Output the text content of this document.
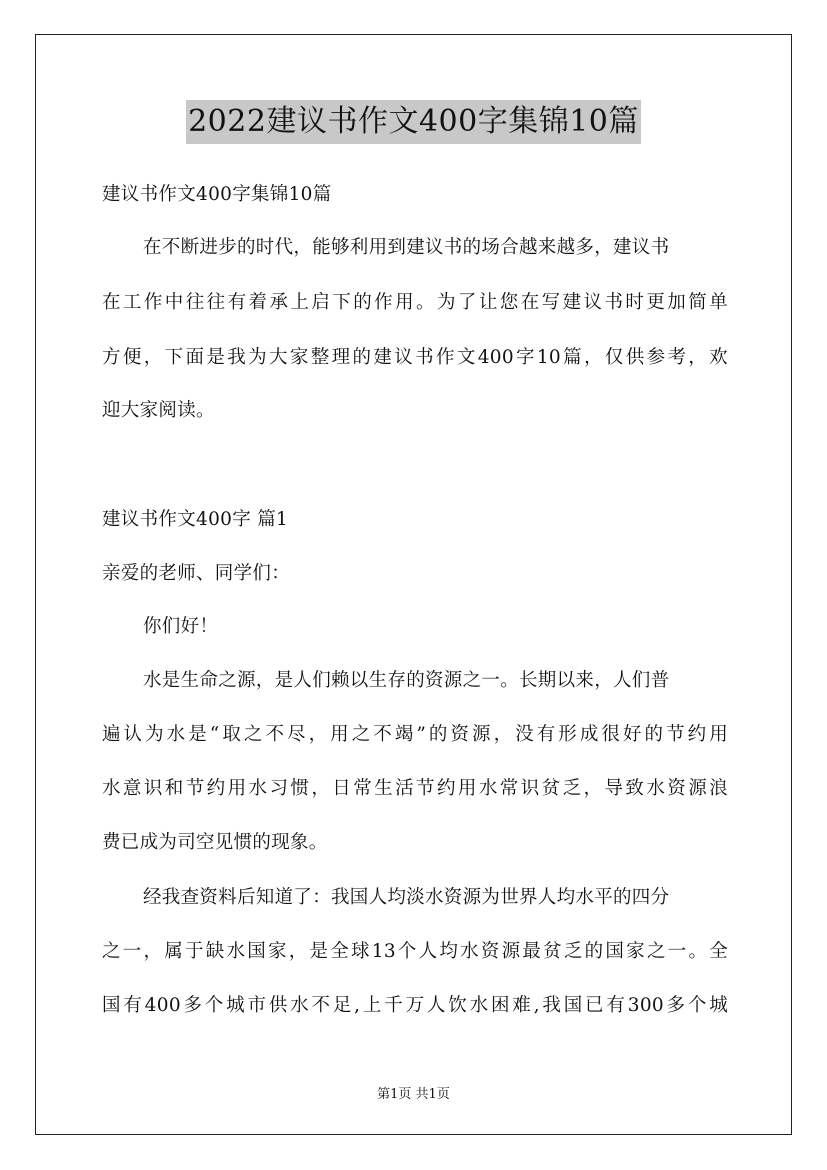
2022建议书作文400字集锦10篇
建议书作文400字集锦10篇
在不断进步的时代，能够利用到建议书的场合越来越多，建议书
在工作中往往有着承上启下的作用。为了让您在写建议书时更加简单
方便，下面是我为大家整理的建议书作文400字10篇，仅供参考，欢
迎大家阅读。
建议书作文400字 篇1
亲爱的老师、同学们：
你们好！
水是生命之源，是人们赖以生存的资源之一。长期以来，人们普
遍认为水是“取之不尽，用之不竭”的资源，没有形成很好的节约用
水意识和节约用水习惯，日常生活节约用水常识贫乏，导致水资源浪
费已成为司空见惯的现象。
经我查资料后知道了：我国人均淡水资源为世界人均水平的四分
之一，属于缺水国家，是全球13个人均水资源最贫乏的国家之一。全
国有400多个城市供水不足,上千万人饮水困难,我国已有300多个城
第1页 共1页
